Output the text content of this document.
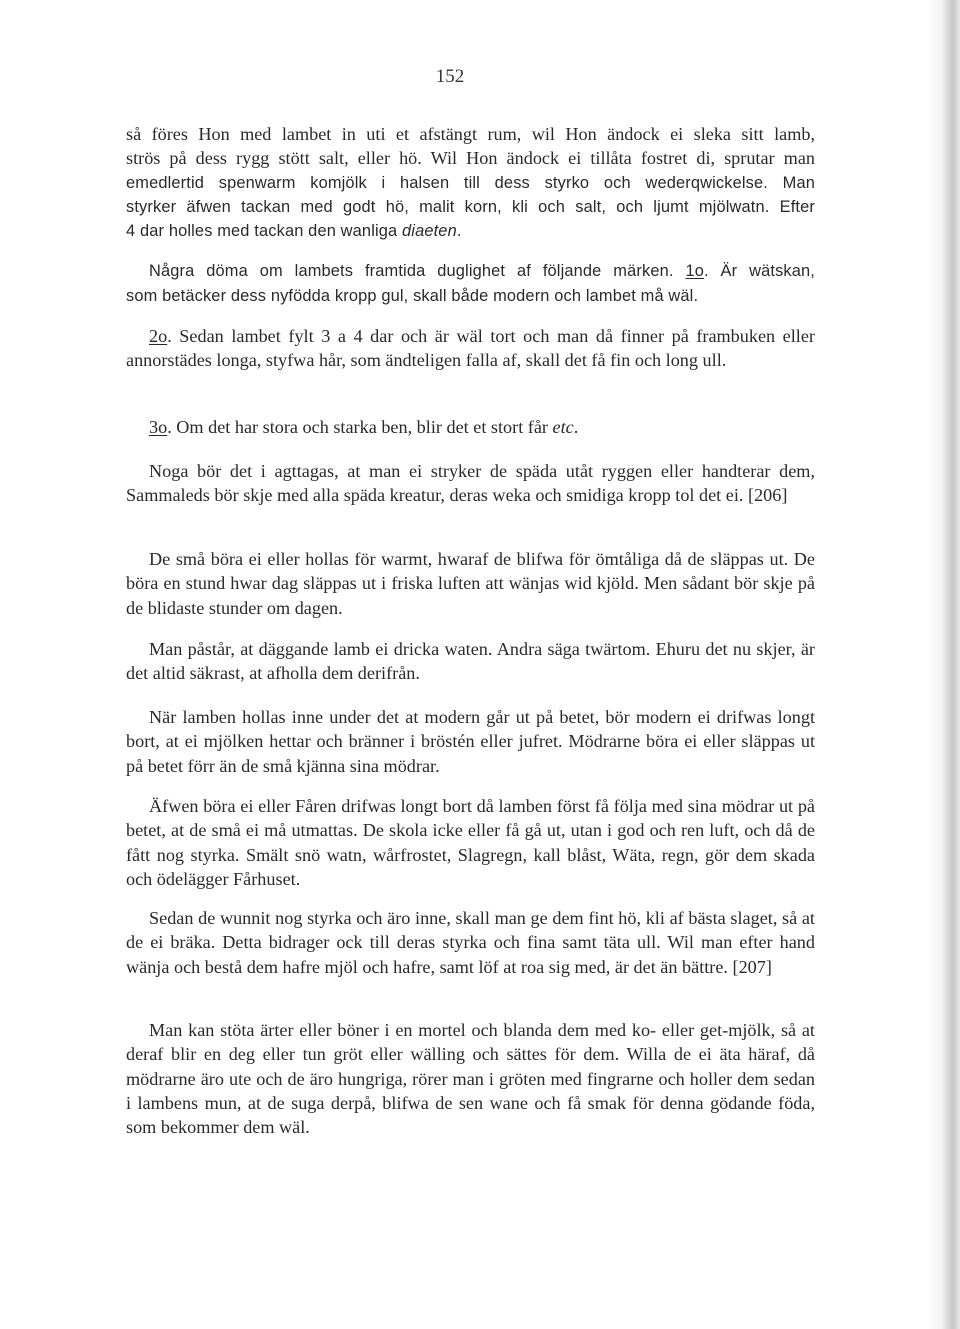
152
så föres Hon med lambet in uti et afstängt rum, wil Hon ändock ei sleka sitt lamb,
strös på dess rygg stött salt, eller hö. Wil Hon ändock ei tillåta fostret di, sprutar man
emedlertid spenwarm komjölk i halsen till dess styrko och wederqwickelse. Man
styrker äfwen tackan med godt hö, malit korn, kli och salt, och ljumt mjölwatn. Efter
4 dar holles med tackan den wanliga diaeten.
Några döma om lambets framtida duglighet af följande märken. 1o. Är wätskan,
som betäcker dess nyfödda kropp gul, skall både modern och lambet må wäl.

2o. Sedan lambet fylt 3 a 4 dar och är wäl tort och man då finner på frambuken eller annorstädes longa, styfwa hår, som ändteligen falla af, skall det få fin och long ull.

3o. Om det har stora och starka ben, blir det et stort får etc.

Noga bör det i agttagas, at man ei stryker de späda utåt ryggen eller handterar dem, Sammaleds bör skje med alla späda kreatur, deras weka och smidiga kropp tol det ei. [206]

De små böra ei eller hollas för warmt, hwaraf de blifwa för ömtåliga då de släppas ut. De böra en stund hwar dag släppas ut i friska luften att wänjas wid kjöld. Men sådant bör skje på de blidaste stunder om dagen.

Man påstår, at däggande lamb ei dricka waten. Andra säga twärtom. Ehuru det nu skjer, är det altid säkrast, at afholla dem derifrån.

När lamben hollas inne under det at modern går ut på betet, bör modern ei drifwas longt bort, at ei mjölken hettar och bränner i bröstén eller jufret. Mödrarne böra ei eller släppas ut på betet förr än de små kjänna sina mödrar.

Äfwen böra ei eller Fåren drifwas longt bort då lamben först få följa med sina mödrar ut på betet, at de små ei må utmattas. De skola icke eller få gå ut, utan i god och ren luft, och då de fått nog styrka. Smält snö watn, wårfrostet, Slagregn, kall blåst, Wäta, regn, gör dem skada och ödelägger Fårhuset.

Sedan de wunnit nog styrka och äro inne, skall man ge dem fint hö, kli af bästa slaget, så at de ei bräka. Detta bidrager ock till deras styrka och fina samt täta ull. Wil man efter hand wänja och bestå dem hafre mjöl och hafre, samt löf at roa sig med, är det än bättre. [207]

Man kan stöta ärter eller böner i en mortel och blanda dem med ko- eller get-mjölk, så at deraf blir en deg eller tun gröt eller wälling och sättes för dem. Willa de ei äta häraf, då mödrarne äro ute och de äro hungriga, rörer man i gröten med fingrarne och holler dem sedan i lambens mun, at de suga derpå, blifwa de sen wane och få smak för denna gödande föda, som bekommer dem wäl.
